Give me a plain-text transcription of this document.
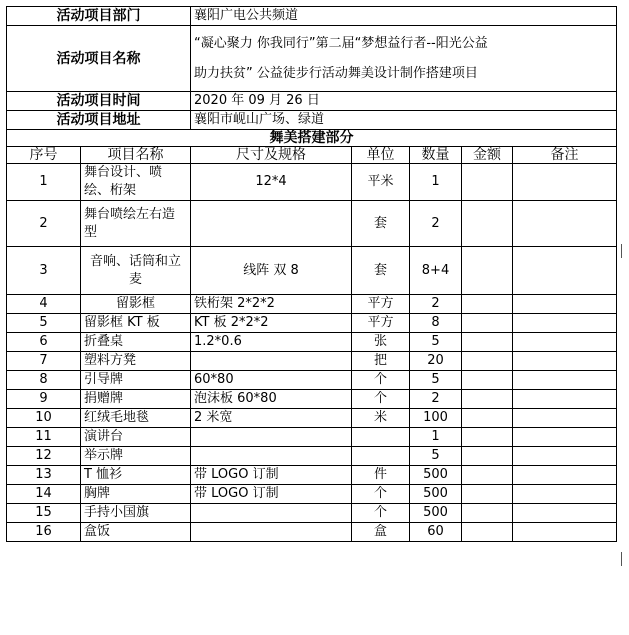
活动项目部门		襄阳广电公共频道				
活动项目名称		“凝心聚力 你我同行”第二届“梦想益行者--阳光公益
助力扶贫” 公益徒步行活动舞美设计制作搭建项目				

活动项目时间		2020 年 09 月 26 日				
活动项目地址		襄阳市岘山广场、绿道				
舞美搭建部分						
序号	项目名称	尺寸及规格	单位	数量	金额	备注
1	舞台设计、喷绘、桁架	12*4	平米	1		
2	舞台喷绘左右造型		套	2		
3	音响、话筒和立麦	线阵 双 8	套	8+4		
4	留影框	铁桁架 2*2*2	平方	2		
5	留影框 KT 板	KT 板 2*2*2	平方	8		
6	折叠桌	1.2*0.6	张	5		
7	塑料方凳		把	20		
8	引导牌	60*80	个	5		
9	捐赠牌	泡沫板 60*80	个	2		
10	红绒毛地毯	2 米宽	米	100		
11	演讲台			1		
12	举示牌			5		
13	T 恤衫	带 LOGO 订制	件	500		
14	胸牌	带 LOGO 订制	个	500		
15	手持小国旗		个	500		
16	盒饭		盒	60		
